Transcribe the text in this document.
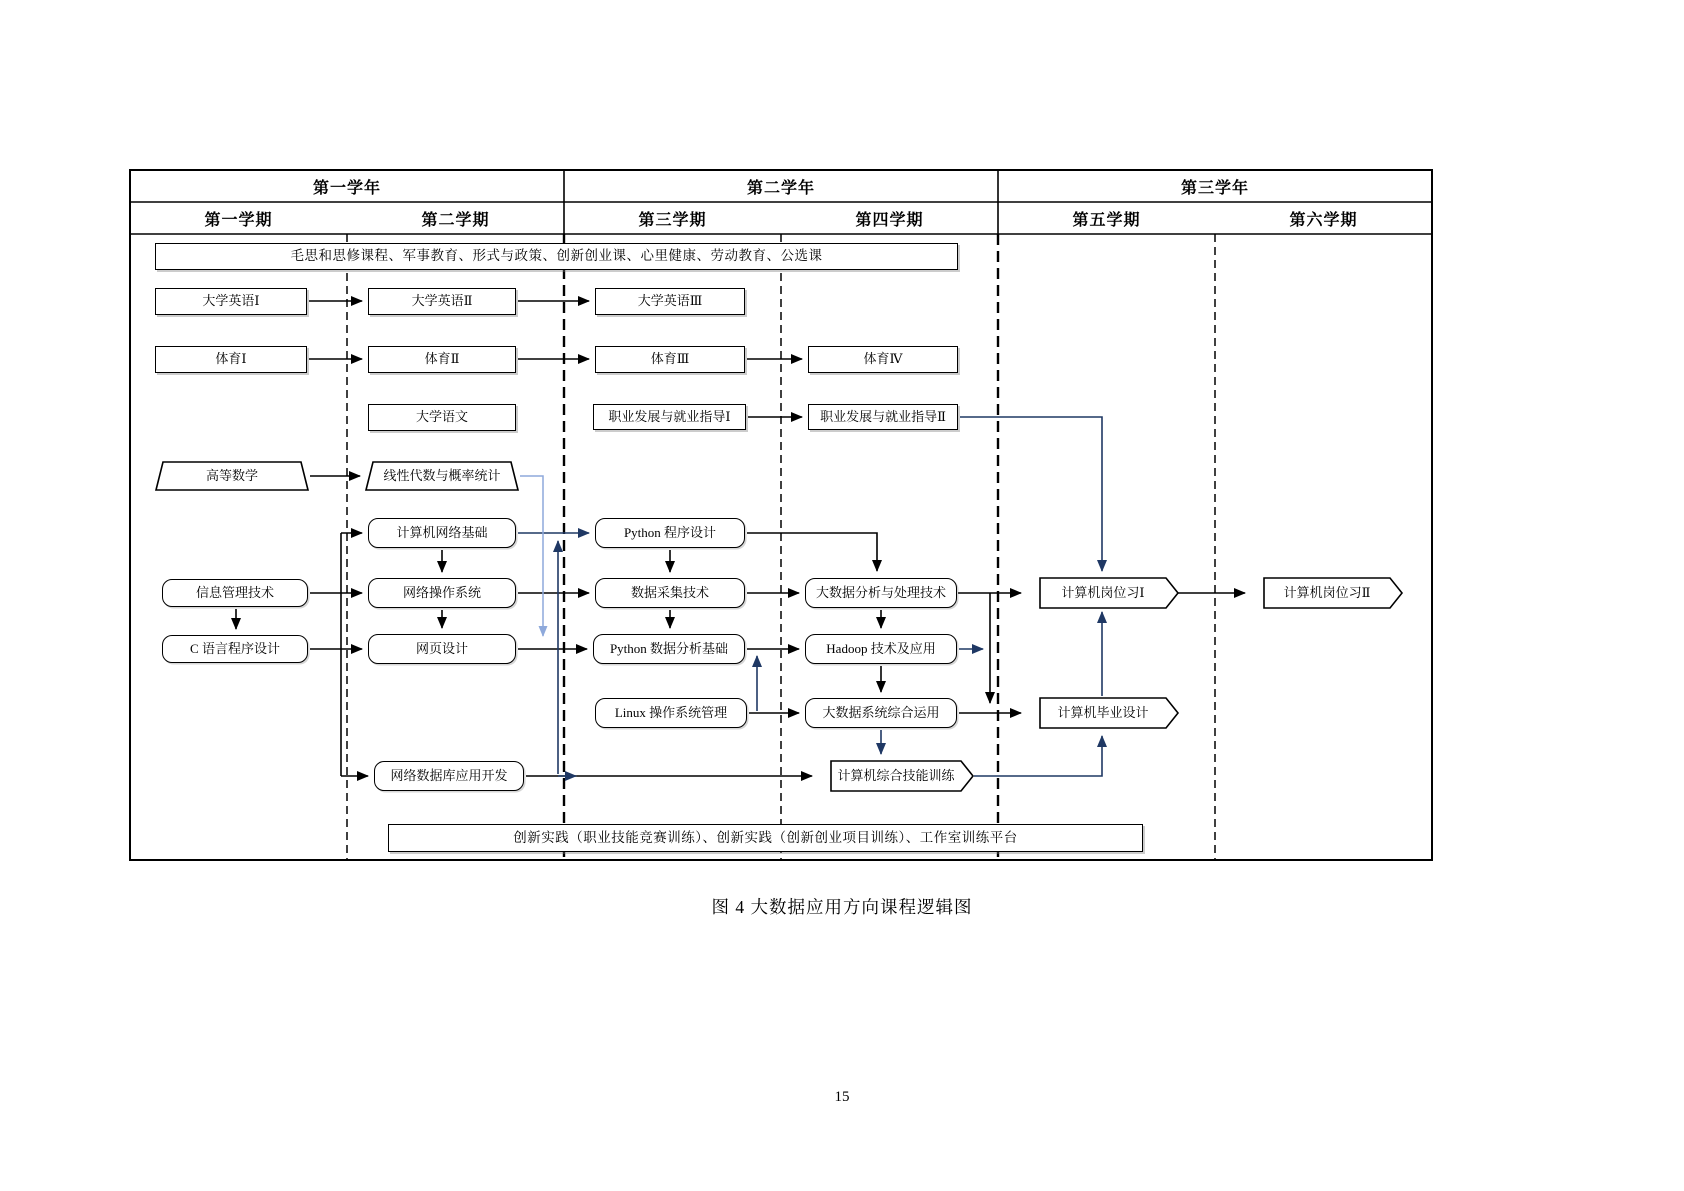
第一学年	第二学年	第三学年
第一学期	第二学期	第三学期	第四学期	第五学期	第六学期
毛思和思修课程、军事教育、形式与政策、创新创业课、心里健康、劳动教育、公选课
大学英语Ⅰ	大学英语Ⅱ	大学英语Ⅲ
体育Ⅰ	体育Ⅱ	体育Ⅲ	体育Ⅳ
大学语文	职业发展与就业指导Ⅰ	职业发展与就业指导Ⅱ
高等数学	线性代数与概率统计
信息管理技术
C 语言程序设计
计算机网络基础
网络操作系统
网页设计
网络数据库应用开发
Python 程序设计
数据采集技术
Python 数据分析基础
Linux 操作系统管理
大数据分析与处理技术
Hadoop 技术及应用
大数据系统综合运用
计算机综合技能训练
计算机岗位习Ⅰ
计算机毕业设计
计算机岗位习Ⅱ
创新实践（职业技能竞赛训练）、创新实践（创新创业项目训练）、工作室训练平台
图 4 大数据应用方向课程逻辑图
15
